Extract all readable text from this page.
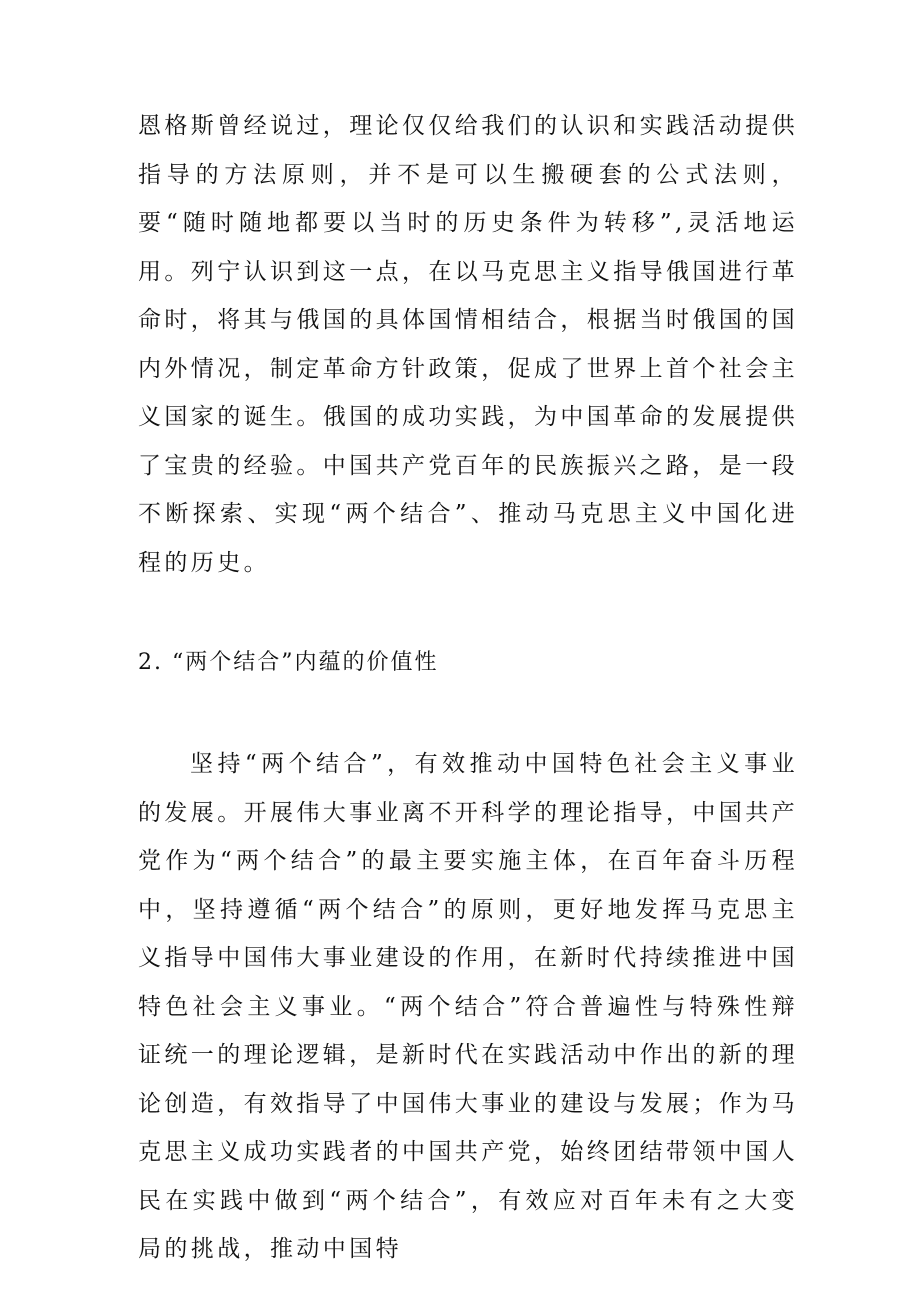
恩格斯曾经说过，理论仅仅给我们的认识和实践活动提供指导的方法原则，并不是可以生搬硬套的公式法则，要“随时随地都要以当时的历史条件为转移”,灵活地运用。列宁认识到这一点，在以马克思主义指导俄国进行革命时，将其与俄国的具体国情相结合，根据当时俄国的国内外情况，制定革命方针政策，促成了世界上首个社会主义国家的诞生。俄国的成功实践，为中国革命的发展提供了宝贵的经验。中国共产党百年的民族振兴之路，是一段不断探索、实现“两个结合”、推动马克思主义中国化进程的历史。

2. “两个结合”内蕴的价值性

坚持“两个结合”，有效推动中国特色社会主义事业的发展。开展伟大事业离不开科学的理论指导，中国共产党作为“两个结合”的最主要实施主体，在百年奋斗历程中，坚持遵循“两个结合”的原则，更好地发挥马克思主义指导中国伟大事业建设的作用，在新时代持续推进中国特色社会主义事业。“两个结合”符合普遍性与特殊性辩证统一的理论逻辑，是新时代在实践活动中作出的新的理论创造，有效指导了中国伟大事业的建设与发展；作为马克思主义成功实践者的中国共产党，始终团结带领中国人民在实践中做到“两个结合”，有效应对百年未有之大变局的挑战，推动中国特
